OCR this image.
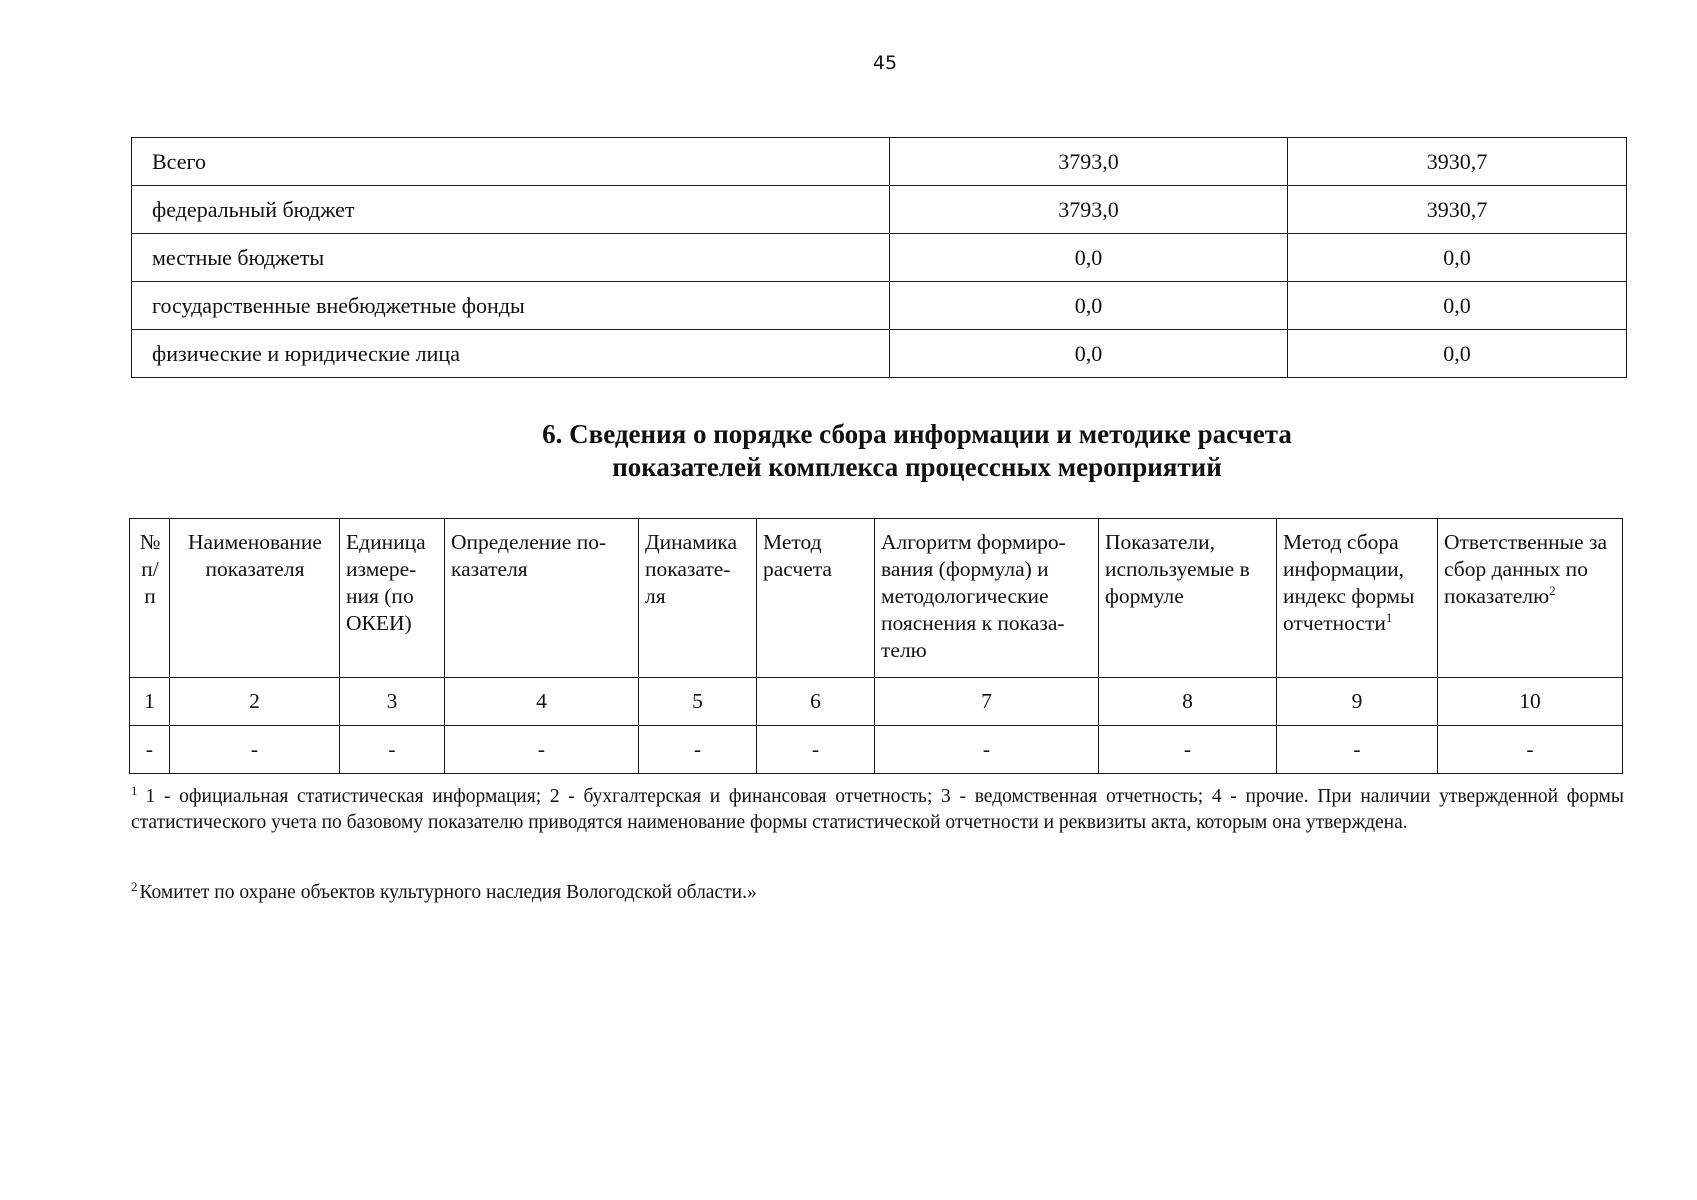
45
Всего	3793,0	3930,7
федеральный бюджет	3793,0	3930,7
местные бюджеты	0,0	0,0
государственные внебюджетные фонды	0,0	0,0
физические и юридические лица	0,0	0,0
6. Сведения о порядке сбора информации и методике расчета
показателей комплекса процессных мероприятий
№ п/ п	Наименование показателя	Единица измере-ния (по ОКЕИ)	Определение по-казателя	Динамика показате-ля	Метод расчета	Алгоритм формиро-вания (формула) и методологические пояснения к показа-телю	Показатели, используемые в формуле	Метод сбора информации, индекс формы отчетности$^1$	Ответственные за сбор данных по показателю$^2$
1	2	3	4	5	6	7	8	9	10
-	-	-	-	-	-	-	-	-	-
$^1$ 1 - официальная статистическая информация; 2 - бухгалтерская и финансовая отчетность; 3 - ведомственная отчетность; 4 - прочие. При наличии утвержденной формы статистического учета по базовому показателю приводятся наименование формы статистической отчетности и реквизиты акта, которым она утверждена.
$^2$ Комитет по охране объектов культурного наследия Вологодской области.»
